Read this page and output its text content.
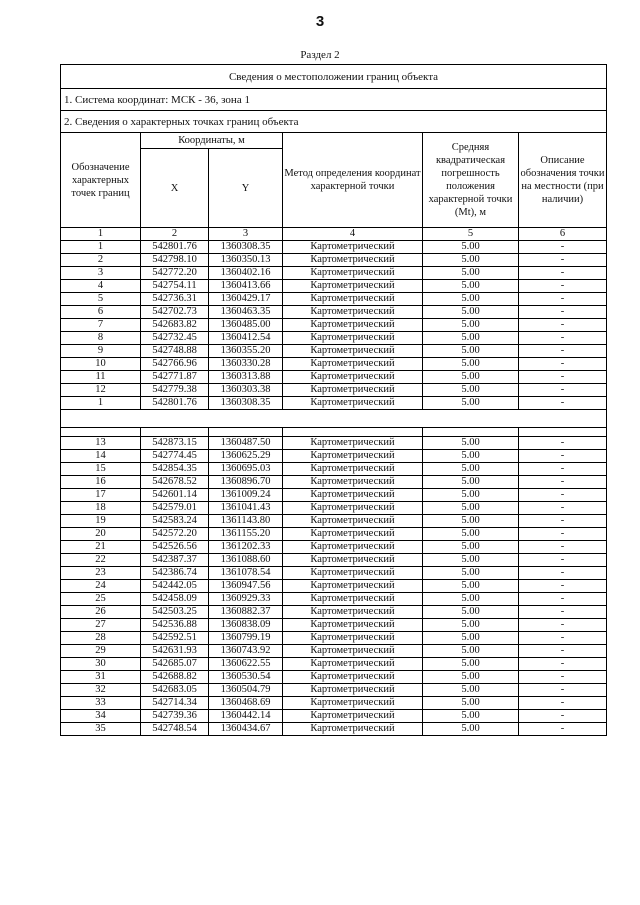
3
Раздел 2
Сведения о местоположении границ объекта					
1. Система координат: МСК - 36, зона 1					
2. Сведения о характерных точках границ объекта					
Обозначение характерных точек границ	Координаты, м		Метод определения координат характерной точки	Средняя квадратическая погрешность положения характерной точки (Mt), м	Описание обозначения точки на местности (при наличии)
	X	Y			
1	2	3	4	5	6
1	542801.76	1360308.35	Картометрический	5.00	-
2	542798.10	1360350.13	Картометрический	5.00	-
3	542772.20	1360402.16	Картометрический	5.00	-
4	542754.11	1360413.66	Картометрический	5.00	-
5	542736.31	1360429.17	Картометрический	5.00	-
6	542702.73	1360463.35	Картометрический	5.00	-
7	542683.82	1360485.00	Картометрический	5.00	-
8	542732.45	1360412.54	Картометрический	5.00	-
9	542748.88	1360355.20	Картометрический	5.00	-
10	542766.96	1360330.28	Картометрический	5.00	-
11	542771.87	1360313.88	Картометрический	5.00	-
12	542779.38	1360303.38	Картометрический	5.00	-
1	542801.76	1360308.35	Картометрический	5.00	-

13	542873.15	1360487.50	Картометрический	5.00	-
14	542774.45	1360625.29	Картометрический	5.00	-
15	542854.35	1360695.03	Картометрический	5.00	-
16	542678.52	1360896.70	Картометрический	5.00	-
17	542601.14	1361009.24	Картометрический	5.00	-
18	542579.01	1361041.43	Картометрический	5.00	-
19	542583.24	1361143.80	Картометрический	5.00	-
20	542572.20	1361155.20	Картометрический	5.00	-
21	542526.56	1361202.33	Картометрический	5.00	-
22	542387.37	1361088.60	Картометрический	5.00	-
23	542386.74	1361078.54	Картометрический	5.00	-
24	542442.05	1360947.56	Картометрический	5.00	-
25	542458.09	1360929.33	Картометрический	5.00	-
26	542503.25	1360882.37	Картометрический	5.00	-
27	542536.88	1360838.09	Картометрический	5.00	-
28	542592.51	1360799.19	Картометрический	5.00	-
29	542631.93	1360743.92	Картометрический	5.00	-
30	542685.07	1360622.55	Картометрический	5.00	-
31	542688.82	1360530.54	Картометрический	5.00	-
32	542683.05	1360504.79	Картометрический	5.00	-
33	542714.34	1360468.69	Картометрический	5.00	-
34	542739.36	1360442.14	Картометрический	5.00	-
35	542748.54	1360434.67	Картометрический	5.00	-
